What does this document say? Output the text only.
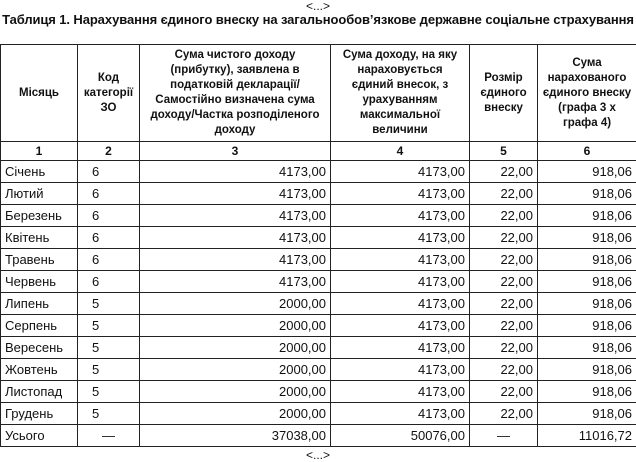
<...>
Таблиця 1. Нарахування єдиного внеску на загальнообов’язкове державне соціальне страхування
Місяць	Код категорії ЗО	Сума чистого доходу (прибутку), заявлена в податковій декларації/ Самостійно визначена сума доходу/Частка розподіленого доходу	Сума доходу, на яку нараховується єдиний внесок, з урахуванням максимальної величини	Розмір єдиного внеску	Сума нарахованого єдиного внеску (графа 3 х графа 4)
1	2	3	4	5	6
Січень	6	4173,00	4173,00	22,00	918,06
Лютий	6	4173,00	4173,00	22,00	918,06
Березень	6	4173,00	4173,00	22,00	918,06
Квітень	6	4173,00	4173,00	22,00	918,06
Травень	6	4173,00	4173,00	22,00	918,06
Червень	6	4173,00	4173,00	22,00	918,06
Липень	5	2000,00	4173,00	22,00	918,06
Серпень	5	2000,00	4173,00	22,00	918,06
Вересень	5	2000,00	4173,00	22,00	918,06
Жовтень	5	2000,00	4173,00	22,00	918,06
Листопад	5	2000,00	4173,00	22,00	918,06
Грудень	5	2000,00	4173,00	22,00	918,06
Усього	—	37038,00	50076,00	—	11016,72
<...>
